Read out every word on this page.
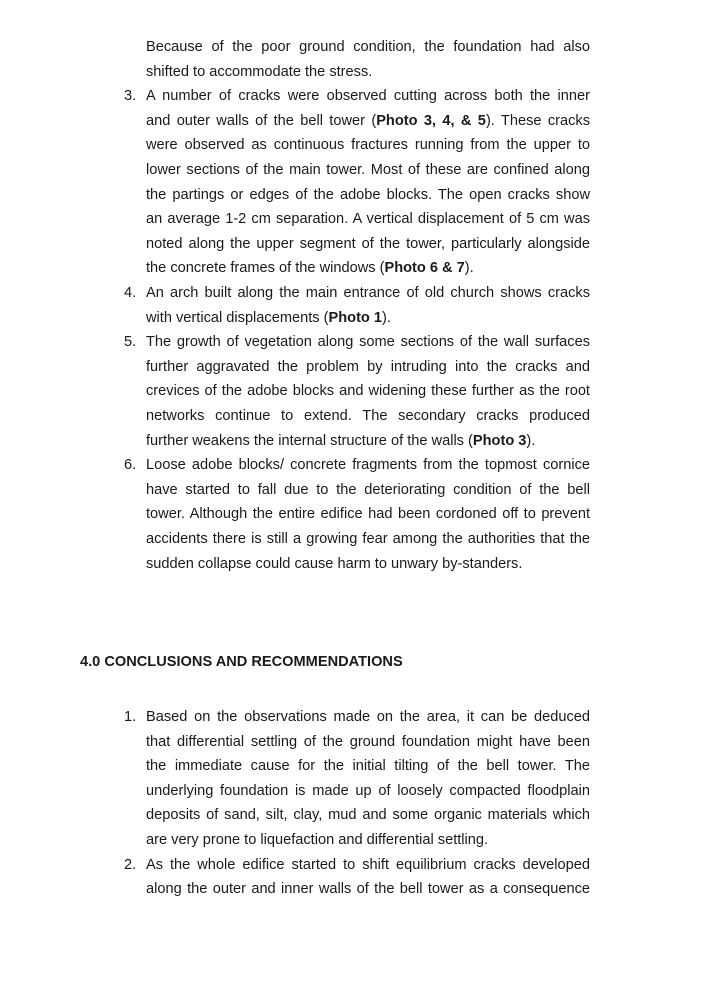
Because of the poor ground condition, the foundation had also
shifted to accommodate the stress.
3. A number of cracks were observed cutting across both the inner
and outer walls of the bell tower (Photo 3, 4, & 5). These cracks
were observed as continuous fractures running from the upper to
lower sections of the main tower. Most of these are confined along
the partings or edges of the adobe blocks. The open cracks show
an average 1-2 cm separation. A vertical displacement of 5 cm was
noted along the upper segment of the tower, particularly alongside
the concrete frames of the windows (Photo 6 & 7).
4. An arch built along the main entrance of old church shows cracks
with vertical displacements (Photo 1).
5. The growth of vegetation along some sections of the wall surfaces
further aggravated the problem by intruding into the cracks and
crevices of the adobe blocks and widening these further as the root
networks continue to extend. The secondary cracks produced
further weakens the internal structure of the walls (Photo 3).
6. Loose adobe blocks/ concrete fragments from the topmost cornice
have started to fall due to the deteriorating condition of the bell
tower. Although the entire edifice had been cordoned off to prevent
accidents there is still a growing fear among the authorities that the
sudden collapse could cause harm to unwary by-standers.
1. Based on the observations made on the area, it can be deduced
that differential settling of the ground foundation might have been
the immediate cause for the initial tilting of the bell tower. The
underlying foundation is made up of loosely compacted floodplain
deposits of sand, silt, clay, mud and some organic materials which
are very prone to liquefaction and differential settling.
2. As the whole edifice started to shift equilibrium cracks developed
along the outer and inner walls of the bell tower as a consequence
4.0 CONCLUSIONS AND RECOMMENDATIONS
